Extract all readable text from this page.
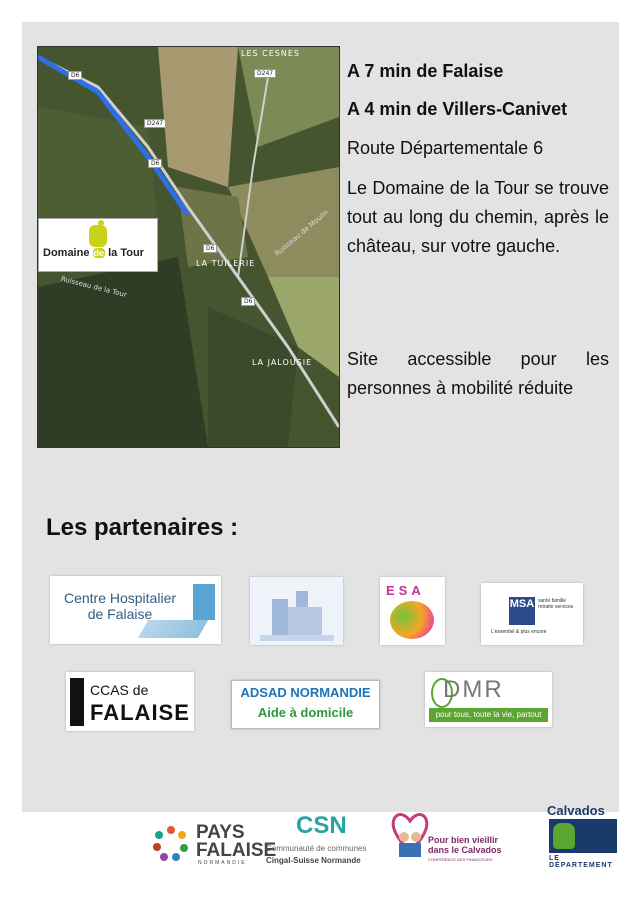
LES CESNES
LA TUILERIE
LA JALOUSIE
D6	D247
D247
D6
D6
D6
Ruisseau de la Tour
Ruisseau de Moulin
Domaine de la Tour
A 7 min de Falaise
A 4 min de Villers-Canivet
Route Départementale 6
Le Domaine de la Tour se trouve tout au long du chemin, après le château, sur votre gauche.
Site accessible pour les personnes à mobilité réduite
Les partenaires :
Centre Hospitalier de Falaise
ESA
MSA santé famille retraite services
L'essentiel & plus encore
CCAS de
FALAISE
ADSAD NORMANDIE
Aide à domicile
DMR
pour tous, toute la vie, partout
PAYS
FALAISE
NORMANDIE
CSN
Communauté de communes
Cingal-Suisse Normande
Pour bien vieillir
dans le Calvados
CONFÉRENCE DES FINANCEURS
Calvados
LE DÉPARTEMENT
